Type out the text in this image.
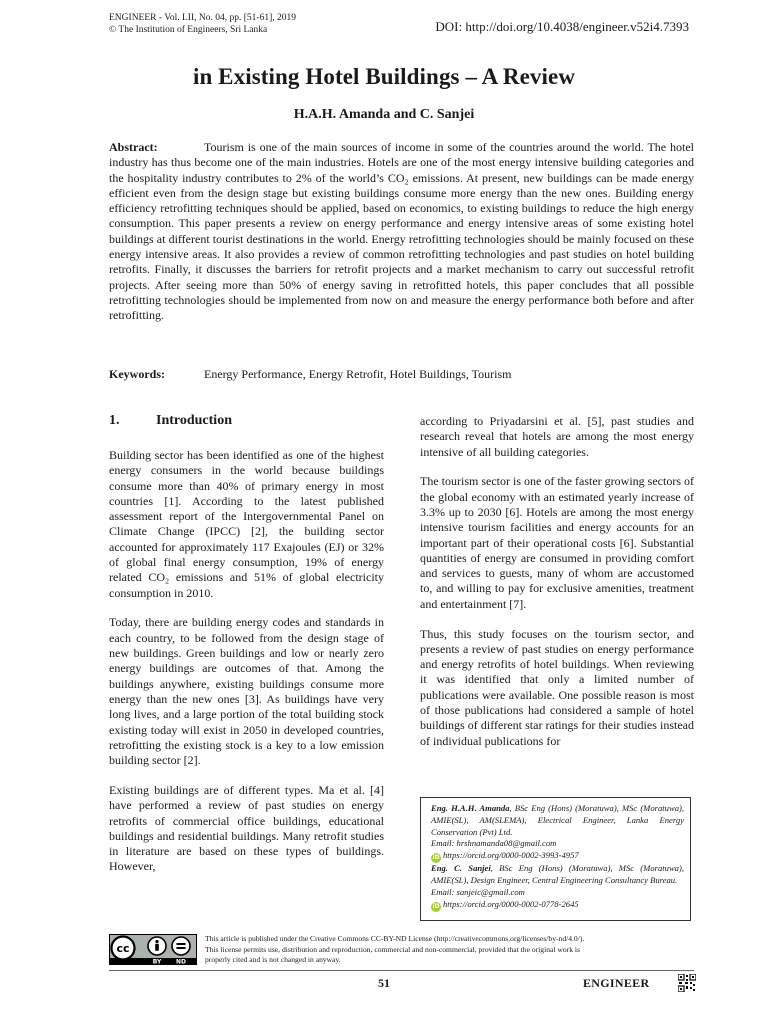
ENGINEER - Vol. LII, No. 04, pp. [51-61], 2019
© The Institution of Engineers, Sri Lanka	DOI: http://doi.org/10.4038/engineer.v52i4.7393
in Existing Hotel Buildings – A Review
H.A.H. Amanda and C. Sanjei
Abstract:	Tourism is one of the main sources of income in some of the countries around the world. The hotel industry has thus become one of the main industries. Hotels are one of the most energy intensive building categories and the hospitality industry contributes to 2% of the world’s CO₂ emissions. At present, new buildings can be made energy efficient even from the design stage but existing buildings consume more energy than the new ones. Building energy efficiency retrofitting techniques should be applied, based on economics, to existing buildings to reduce the high energy consumption. This paper presents a review on energy performance and energy intensive areas of some existing hotel buildings at different tourist destinations in the world. Energy retrofitting technologies should be mainly focused on these energy intensive areas. It also provides a review of common retrofitting technologies and past studies on hotel building retrofits. Finally, it discusses the barriers for retrofit projects and a market mechanism to carry out successful retrofit projects. After seeing more than 50% of energy saving in retrofitted hotels, this paper concludes that all possible retrofitting technologies should be implemented from now on and measure the energy performance both before and after retrofitting.
Keywords:	Energy Performance, Energy Retrofit, Hotel Buildings, Tourism
1.	Introduction

Building sector has been identified as one of the highest energy consumers in the world because buildings consume more than 40% of primary energy in most countries [1]. According to the latest published assessment report of the Intergovernmental Panel on Climate Change (IPCC) [2], the building sector accounted for approximately 117 Exajoules (EJ) or 32% of global final energy consumption, 19% of energy related CO₂ emissions and 51% of global electricity consumption in 2010.

Today, there are building energy codes and standards in each country, to be followed from the design stage of new buildings. Green buildings and low or nearly zero energy buildings are outcomes of that. Among the buildings anywhere, existing buildings consume more energy than the new ones [3]. As buildings have very long lives, and a large portion of the total building stock existing today will exist in 2050 in developed countries, retrofitting the existing stock is a key to a low emission building sector [2].

Existing buildings are of different types. Ma et al. [4] have performed a review of past studies on energy retrofits of commercial office buildings, educational buildings and residential buildings. Many retrofit studies in literature are based on these types of buildings. However,

according to Priyadarsini et al. [5], past studies and research reveal that hotels are among the most energy intensive of all building categories.

The tourism sector is one of the faster growing sectors of the global economy with an estimated yearly increase of 3.3% up to 2030 [6]. Hotels are among the most energy intensive tourism facilities and energy accounts for an important part of their operational costs [6]. Substantial quantities of energy are consumed in providing comfort and services to guests, many of whom are accustomed to, and willing to pay for exclusive amenities, treatment and entertainment [7].

Thus, this study focuses on the tourism sector, and presents a review of past studies on energy performance and energy retrofits of hotel buildings. When reviewing it was identified that only a limited number of publications were available. One possible reason is most of those publications had considered a sample of hotel buildings of different star ratings for their studies instead of individual publications for

Eng. H.A.H. Amanda, BSc Eng (Hons) (Moratuwa), MSc (Moratuwa), AMIE(SL), AM(SLEMA), Electrical Engineer, Lanka Energy Conservation (Pvt) Ltd.
Email: hrshnamanda08@gmail.com
iD https://orcid.org/0000-0002-3993-4957
Eng. C. Sanjei, BSc Eng (Hons) (Moratuwa), MSc (Moratuwa), AMIE(SL), Design Engineer, Central Engineering Consultancy Bureau.
Email: sanjeic@gmail.com
iD https://orcid.org/0000-0002-0778-2645
cc
BY ND
This article is published under the Creative Commons CC-BY-ND License (http://creativecommons.org/licenses/by-nd/4.0/).
This license permits use, distribution and reproduction, commercial and non-commercial, provided that the original work is
properly cited and is not changed in anyway.
51	ENGINEER
